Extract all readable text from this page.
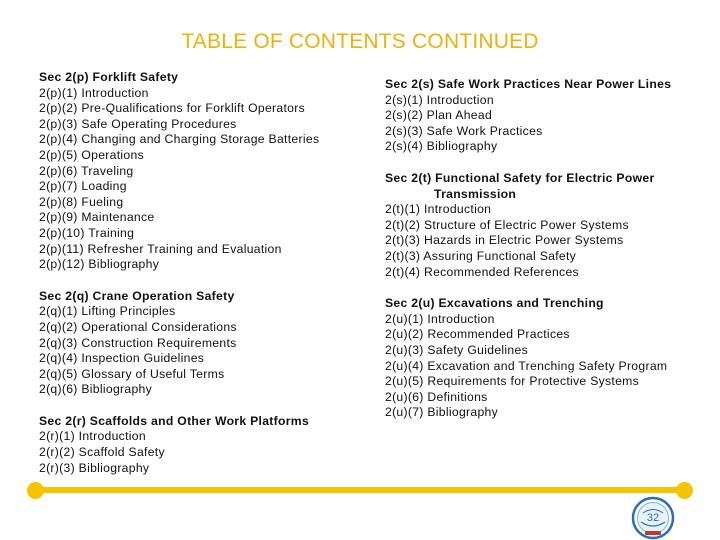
TABLE OF CONTENTS CONTINUED
Sec 2(p) Forklift Safety
2(p)(1) Introduction
2(p)(2) Pre-Qualifications for Forklift Operators
2(p)(3) Safe Operating Procedures
2(p)(4) Changing and Charging Storage Batteries
2(p)(5) Operations
2(p)(6) Traveling
2(p)(7) Loading
2(p)(8) Fueling
2(p)(9) Maintenance
2(p)(10) Training
2(p)(11) Refresher Training and Evaluation
2(p)(12) Bibliography
Sec 2(q) Crane Operation Safety
2(q)(1) Lifting Principles
2(q)(2) Operational Considerations
2(q)(3) Construction Requirements
2(q)(4) Inspection Guidelines
2(q)(5) Glossary of Useful Terms
2(q)(6) Bibliography
Sec 2(r) Scaffolds and Other Work Platforms
2(r)(1) Introduction
2(r)(2) Scaffold Safety
2(r)(3) Bibliography
Sec 2(s) Safe Work Practices Near Power Lines
2(s)(1) Introduction
2(s)(2) Plan Ahead
2(s)(3) Safe Work Practices
2(s)(4) Bibliography
Sec 2(t) Functional Safety for Electric Power
Transmission
2(t)(1) Introduction
2(t)(2) Structure of Electric Power Systems
2(t)(3) Hazards in Electric Power Systems
2(t)(3) Assuring Functional Safety
2(t)(4) Recommended References
Sec 2(u) Excavations and Trenching
2(u)(1) Introduction
2(u)(2) Recommended Practices
2(u)(3) Safety Guidelines
2(u)(4) Excavation and Trenching Safety Program
2(u)(5) Requirements for Protective Systems
2(u)(6) Definitions
2(u)(7) Bibliography
32
